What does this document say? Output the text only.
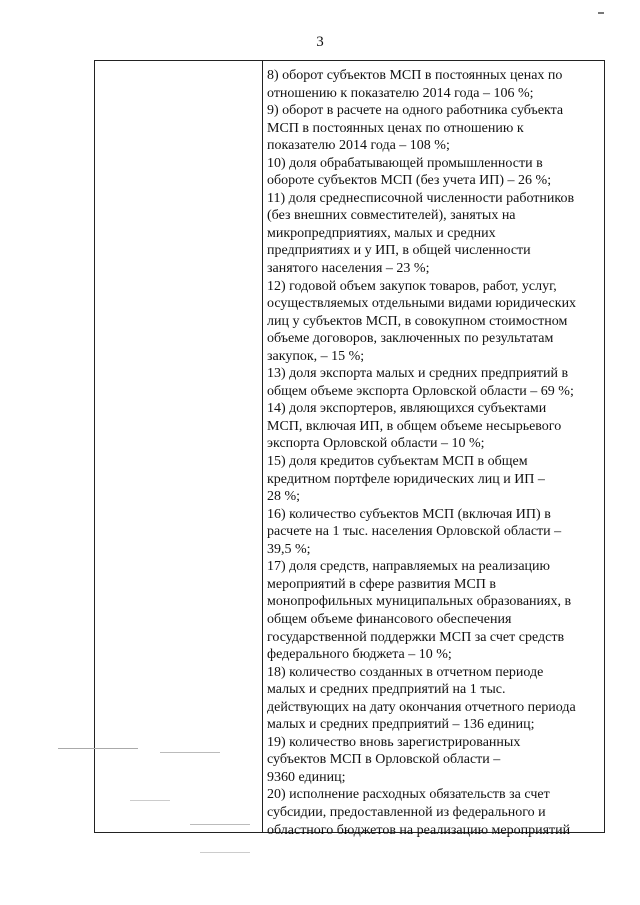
3
8) оборот субъектов МСП в постоянных ценах по
отношению к показателю 2014 года – 106 %;
9) оборот в расчете на одного работника субъекта
МСП в постоянных ценах по отношению к
показателю 2014 года – 108 %;
10) доля обрабатывающей промышленности в
обороте субъектов МСП (без учета ИП) – 26 %;
11) доля среднесписочной численности работников
(без внешних совместителей), занятых на
микропредприятиях, малых и средних
предприятиях и у ИП, в общей численности
занятого населения – 23 %;
12) годовой объем закупок товаров, работ, услуг,
осуществляемых отдельными видами юридических
лиц у субъектов МСП, в совокупном стоимостном
объеме договоров, заключенных по результатам
закупок, – 15 %;
13) доля экспорта малых и средних предприятий в
общем объеме экспорта Орловской области – 69 %;
14) доля экспортеров, являющихся субъектами
МСП, включая ИП, в общем объеме несырьевого
экспорта Орловской области – 10 %;
15) доля кредитов субъектам МСП в общем
кредитном портфеле юридических лиц и ИП –
28 %;
16) количество субъектов МСП (включая ИП) в
расчете на 1 тыс. населения Орловской области –
39,5 %;
17) доля средств, направляемых на реализацию
мероприятий в сфере развития МСП в
монопрофильных муниципальных образованиях, в
общем объеме финансового обеспечения
государственной поддержки МСП за счет средств
федерального бюджета – 10 %;
18) количество созданных в отчетном периоде
малых и средних предприятий на 1 тыс.
действующих на дату окончания отчетного периода
малых и средних предприятий – 136 единиц;
19) количество вновь зарегистрированных
субъектов МСП в Орловской области –
9360 единиц;
20) исполнение расходных обязательств за счет
субсидии, предоставленной из федерального и
областного бюджетов на реализацию мероприятий
